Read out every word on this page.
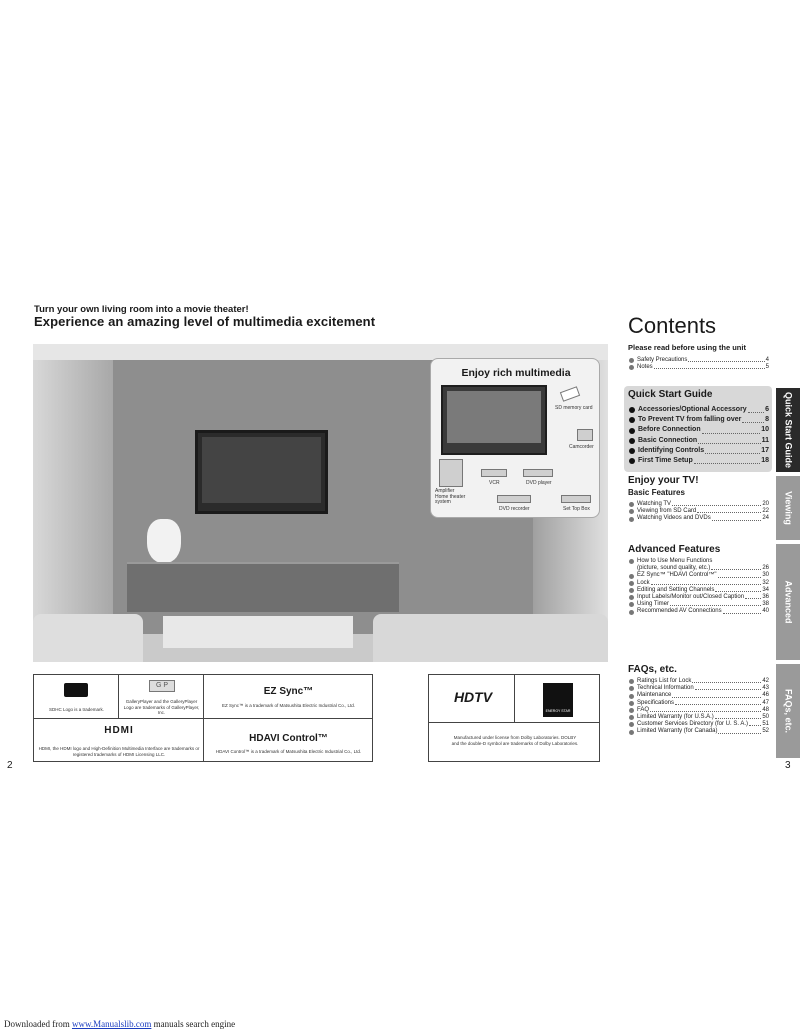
Turn your own living room into a movie theater!
Experience an amazing level of multimedia excitement
Enjoy rich multimedia
SD memory card
Camcorder
Amplifier
Home theater
system
VCR	DVD player
DVD recorder	Set Top Box
SDHC Logo is a trademark.
G P
GalleryPlayer and the GalleryPlayer Logo are trademarks of GalleryPlayer, Inc.
EZ Sync™
EZ Sync™ is a trademark of Matsushita Electric Industrial Co., Ltd.
HDMI
HDMI, the HDMI logo and High-Definition Multimedia Interface are trademarks or registered trademarks of HDMI Licensing LLC.
HDAVI Control™
HDAVI Control™ is a trademark of Matsushita Electric Industrial Co., Ltd.
HDTV
ENERGY STAR
Manufactured under license from Dolby Laboratories. DOLBY and the double-D symbol are trademarks of Dolby Laboratories.
2
Contents
Please read before using the unit
Safety Precautions	4
Notes	5
Quick Start Guide
Accessories/Optional Accessory	6
To Prevent TV from falling over	8
Before Connection	10
Basic Connection	11
Identifying Controls	17
First Time Setup	18
Enjoy your TV!
Basic Features
Watching TV	20
Viewing from SD Card	22
Watching Videos and DVDs	24
Advanced Features
How to Use Menu Functions
(picture, sound quality, etc.)	26
EZ Sync™ "HDAVI Control™"	30
Lock	32
Editing and Setting Channels	34
Input Labels/Monitor out/Closed Caption	36
Using Timer	38
Recommended AV Connections	40
FAQs, etc.
Ratings List for Lock	42
Technical Information	43
Maintenance	46
Specifications	47
FAQ	48
Limited Warranty (for U.S.A.)	50
Customer Services Directory (for U. S. A.) 51
Limited Warranty (for Canada)	52
Quick Start Guide
Viewing
Advanced
FAQs, etc.
3
Downloaded from www.Manualslib.com manuals search engine
